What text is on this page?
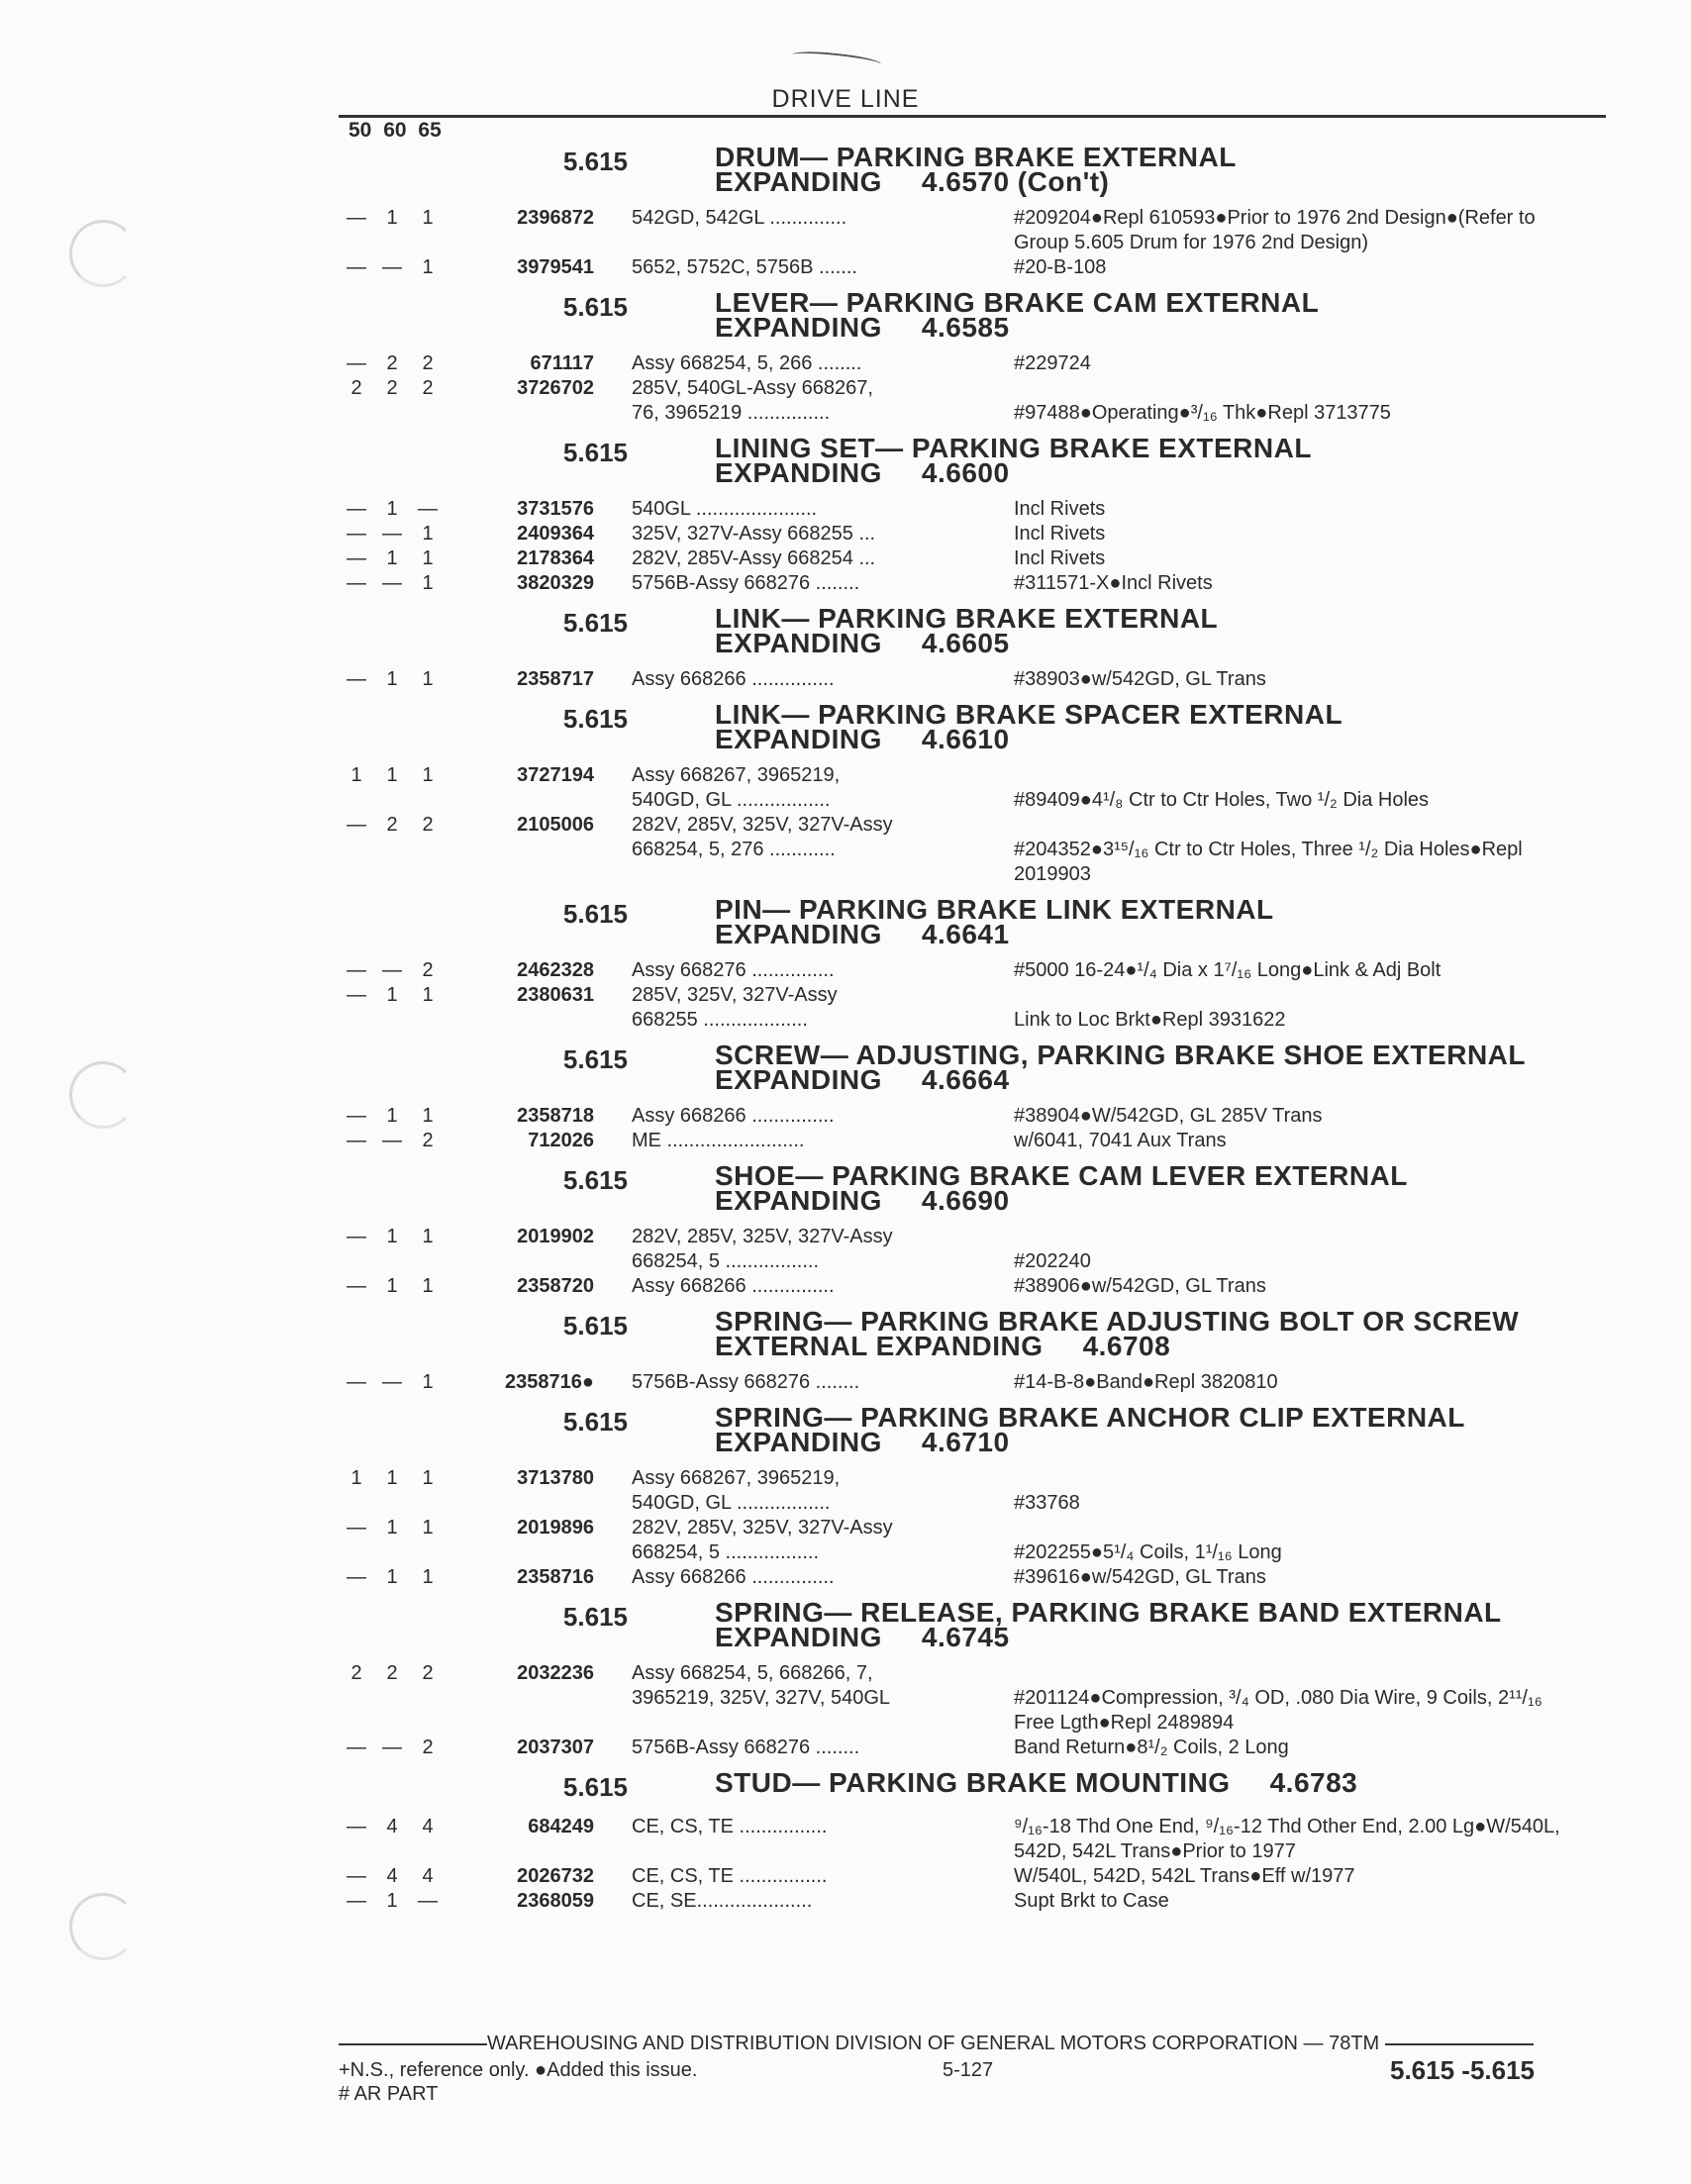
DRIVE LINE
50 60 65
5.615	DRUM— PARKING BRAKE EXTERNAL
EXPANDING 4.6570 (Con't)
—	1	1	2396872 542GD, 542GL ..............	#209204●Repl 610593●Prior to 1976 2nd Design●(Refer to Group 5.605 Drum for 1976 2nd Design)
— —	1	3979541 5652, 5752C, 5756B .......	#20-B-108
5.615	LEVER— PARKING BRAKE CAM EXTERNAL
EXPANDING 4.6585
—	2	2	671117 Assy 668254, 5, 266 ........	#229724
2	2	2	3726702 285V, 540GL-Assy 668267,
76, 3965219 ...............	
#97488●Operating●³/₁₆ Thk●Repl 3713775
5.615	LINING SET— PARKING BRAKE EXTERNAL
EXPANDING 4.6600
—	1	—	3731576 540GL ......................	Incl Rivets
— —	1	2409364 325V, 327V-Assy 668255 ...	Incl Rivets
—	1	1	2178364 282V, 285V-Assy 668254 ...	Incl Rivets
— —	1	3820329 5756B-Assy 668276 ........	#311571-X●Incl Rivets
5.615	LINK— PARKING BRAKE EXTERNAL
EXPANDING 4.6605
—	1	1	2358717 Assy 668266 ...............	#38903●w/542GD, GL Trans
5.615	LINK— PARKING BRAKE SPACER EXTERNAL
EXPANDING 4.6610
1	1	1	3727194 Assy 668267, 3965219,
540GD, GL .................	
#89409●4¹/₈ Ctr to Ctr Holes, Two ¹/₂ Dia Holes
—	2	2	2105006 282V, 285V, 325V, 327V-Assy
668254, 5, 276 ............	
#204352●3¹⁵/₁₆ Ctr to Ctr Holes, Three ¹/₂ Dia Holes●Repl 2019903
5.615	PIN— PARKING BRAKE LINK EXTERNAL
EXPANDING 4.6641
— —	2	2462328 Assy 668276 ...............	#5000 16-24●¹/₄ Dia x 1⁷/₁₆ Long●Link & Adj Bolt
—	1	1	2380631 285V, 325V, 327V-Assy
668255 ...................	
Link to Loc Brkt●Repl 3931622
5.615	SCREW— ADJUSTING, PARKING BRAKE SHOE EXTERNAL
EXPANDING 4.6664
—	1	1	2358718 Assy 668266 ...............	#38904●W/542GD, GL 285V Trans
— —	2	712026 ME .........................	w/6041, 7041 Aux Trans
5.615	SHOE— PARKING BRAKE CAM LEVER EXTERNAL
EXPANDING 4.6690
—	1	1	2019902 282V, 285V, 325V, 327V-Assy
668254, 5 .................	
#202240
—	1	1	2358720 Assy 668266 ...............	#38906●w/542GD, GL Trans
5.615	SPRING— PARKING BRAKE ADJUSTING BOLT OR SCREW
EXTERNAL EXPANDING 4.6708
— —	1	2358716● 5756B-Assy 668276 ........	#14-B-8●Band●Repl 3820810
5.615	SPRING— PARKING BRAKE ANCHOR CLIP EXTERNAL
EXPANDING 4.6710
1	1	1	3713780 Assy 668267, 3965219,
540GD, GL .................	
#33768
—	1	1	2019896 282V, 285V, 325V, 327V-Assy
668254, 5 .................	
#202255●5¹/₄ Coils, 1¹/₁₆ Long
—	1	1	2358716 Assy 668266 ...............	#39616●w/542GD, GL Trans
5.615	SPRING— RELEASE, PARKING BRAKE BAND EXTERNAL
EXPANDING 4.6745
2	2	2	2032236 Assy 668254, 5, 668266, 7,
3965219, 325V, 327V, 540GL	
#201124●Compression, ³/₄ OD, .080 Dia Wire, 9 Coils, 2¹¹/₁₆ Free Lgth●Repl 2489894
— —	2	2037307 5756B-Assy 668276 ........	Band Return●8¹/₂ Coils, 2 Long
5.615	STUD— PARKING BRAKE MOUNTING 4.6783
—	4	4	684249 CE, CS, TE ................	⁹/₁₆-18 Thd One End, ⁹/₁₆-12 Thd Other End, 2.00 Lg●W/540L, 542D, 542L Trans●Prior to 1977
—	4	4	2026732 CE, CS, TE ................	W/540L, 542D, 542L Trans●Eff w/1977
—	1	—	2368059 CE, SE.....................	Supt Brkt to Case
WAREHOUSING AND DISTRIBUTION DIVISION OF GENERAL MOTORS CORPORATION — 78TM
+N.S., reference only. ●Added this issue.
# AR PART
5-127	5.615 -5.615
